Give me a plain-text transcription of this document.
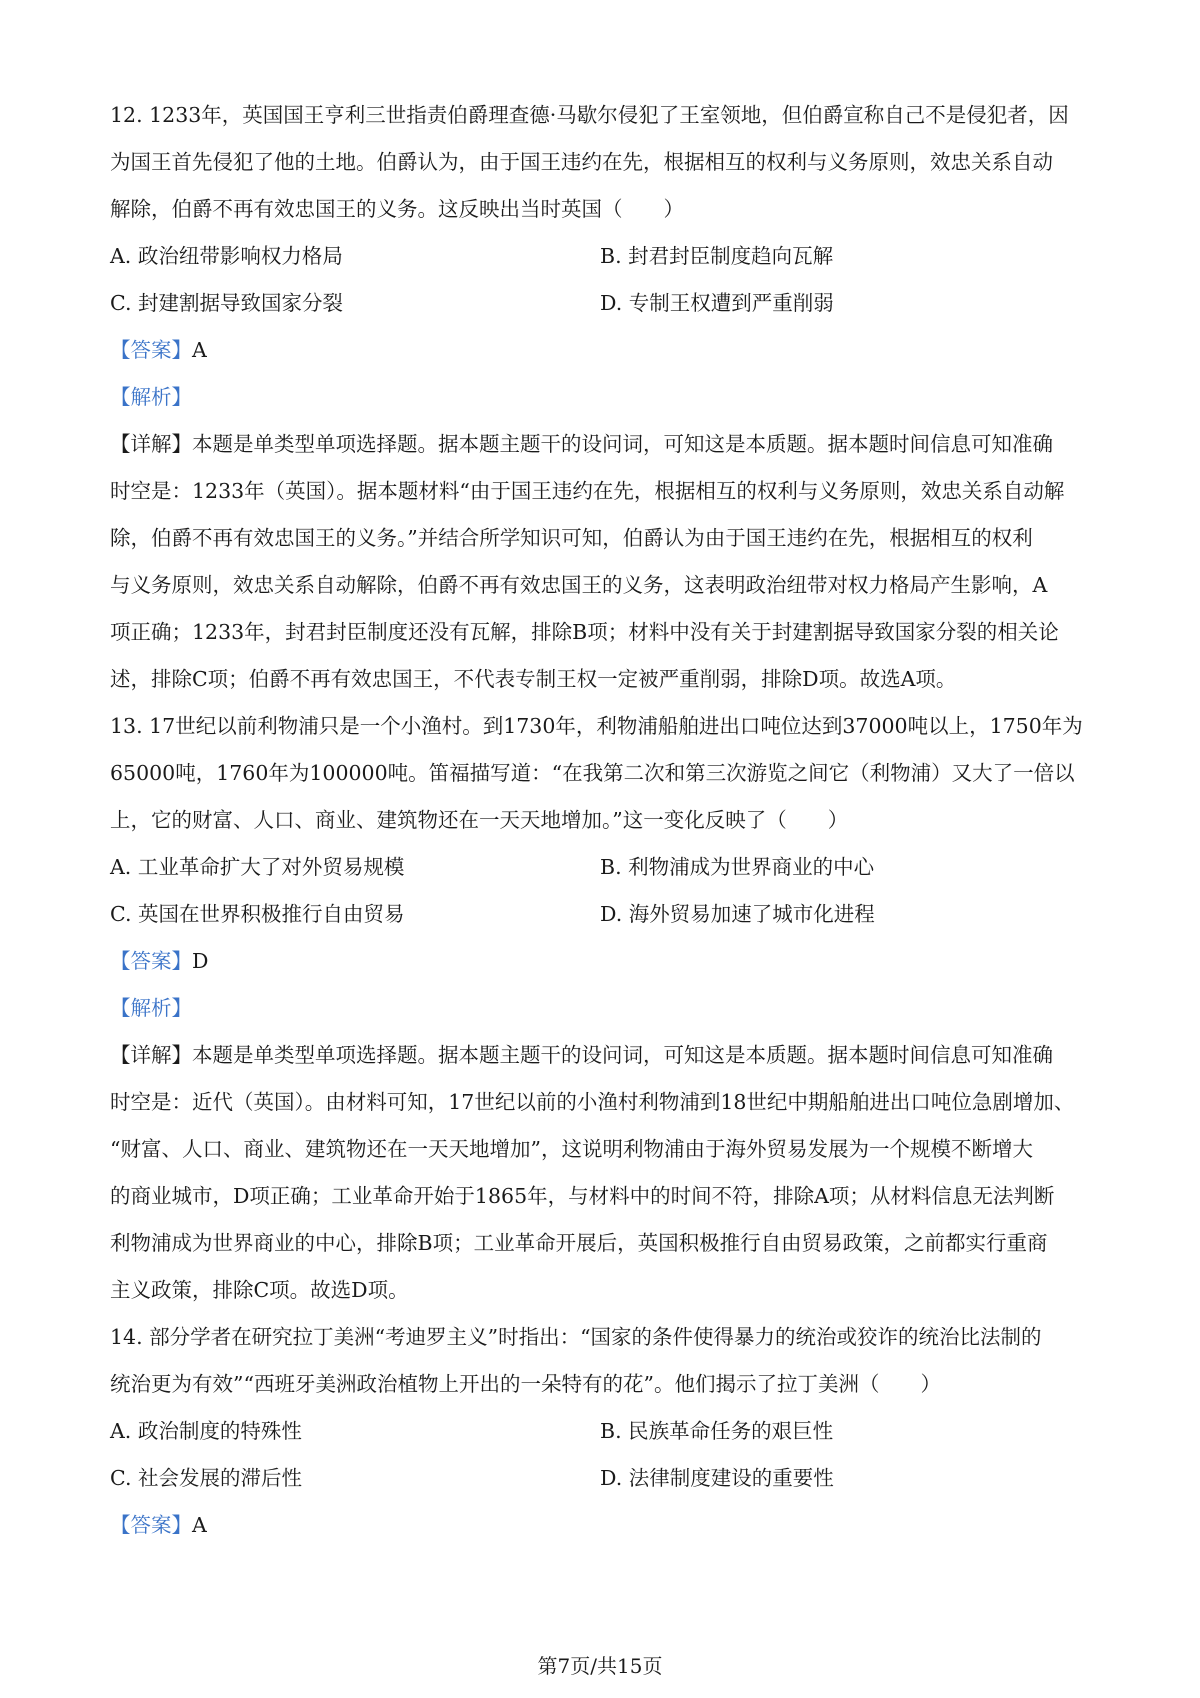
12. 1233年，英国国王亨利三世指责伯爵理查德·马歇尔侵犯了王室领地，但伯爵宣称自己不是侵犯者，因

为国王首先侵犯了他的土地。伯爵认为，由于国王违约在先，根据相互的权利与义务原则，效忠关系自动

解除，伯爵不再有效忠国王的义务。这反映出当时英国（　　）

A. 政治纽带影响权力格局	B. 封君封臣制度趋向瓦解
C. 封建割据导致国家分裂	D. 专制王权遭到严重削弱

【答案】A

【解析】

【详解】本题是单类型单项选择题。据本题主题干的设问词，可知这是本质题。据本题时间信息可知准确

时空是：1233年（英国）。据本题材料“由于国王违约在先，根据相互的权利与义务原则，效忠关系自动解

除，伯爵不再有效忠国王的义务。”并结合所学知识可知，伯爵认为由于国王违约在先，根据相互的权利

与义务原则，效忠关系自动解除，伯爵不再有效忠国王的义务，这表明政治纽带对权力格局产生影响，A

项正确；1233年，封君封臣制度还没有瓦解，排除B项；材料中没有关于封建割据导致国家分裂的相关论

述，排除C项；伯爵不再有效忠国王，不代表专制王权一定被严重削弱，排除D项。故选A项。

13. 17世纪以前利物浦只是一个小渔村。到1730年，利物浦船舶进出口吨位达到37000吨以上，1750年为

65000吨，1760年为100000吨。笛福描写道：“在我第二次和第三次游览之间它（利物浦）又大了一倍以

上，它的财富、人口、商业、建筑物还在一天天地增加。”这一变化反映了（　　）

A. 工业革命扩大了对外贸易规模	B. 利物浦成为世界商业的中心
C. 英国在世界积极推行自由贸易	D. 海外贸易加速了城市化进程

【答案】D

【解析】

【详解】本题是单类型单项选择题。据本题主题干的设问词，可知这是本质题。据本题时间信息可知准确

时空是：近代（英国）。由材料可知，17世纪以前的小渔村利物浦到18世纪中期船舶进出口吨位急剧增加、

“财富、人口、商业、建筑物还在一天天地增加”，这说明利物浦由于海外贸易发展为一个规模不断增大

的商业城市，D项正确；工业革命开始于1865年，与材料中的时间不符，排除A项；从材料信息无法判断

利物浦成为世界商业的中心，排除B项；工业革命开展后，英国积极推行自由贸易政策，之前都实行重商

主义政策，排除C项。故选D项。

14. 部分学者在研究拉丁美洲“考迪罗主义”时指出：“国家的条件使得暴力的统治或狡诈的统治比法制的

统治更为有效”“西班牙美洲政治植物上开出的一朵特有的花”。他们揭示了拉丁美洲（　　）

A. 政治制度的特殊性	B. 民族革命任务的艰巨性
C. 社会发展的滞后性	D. 法律制度建设的重要性

【答案】A

第7页/共15页
